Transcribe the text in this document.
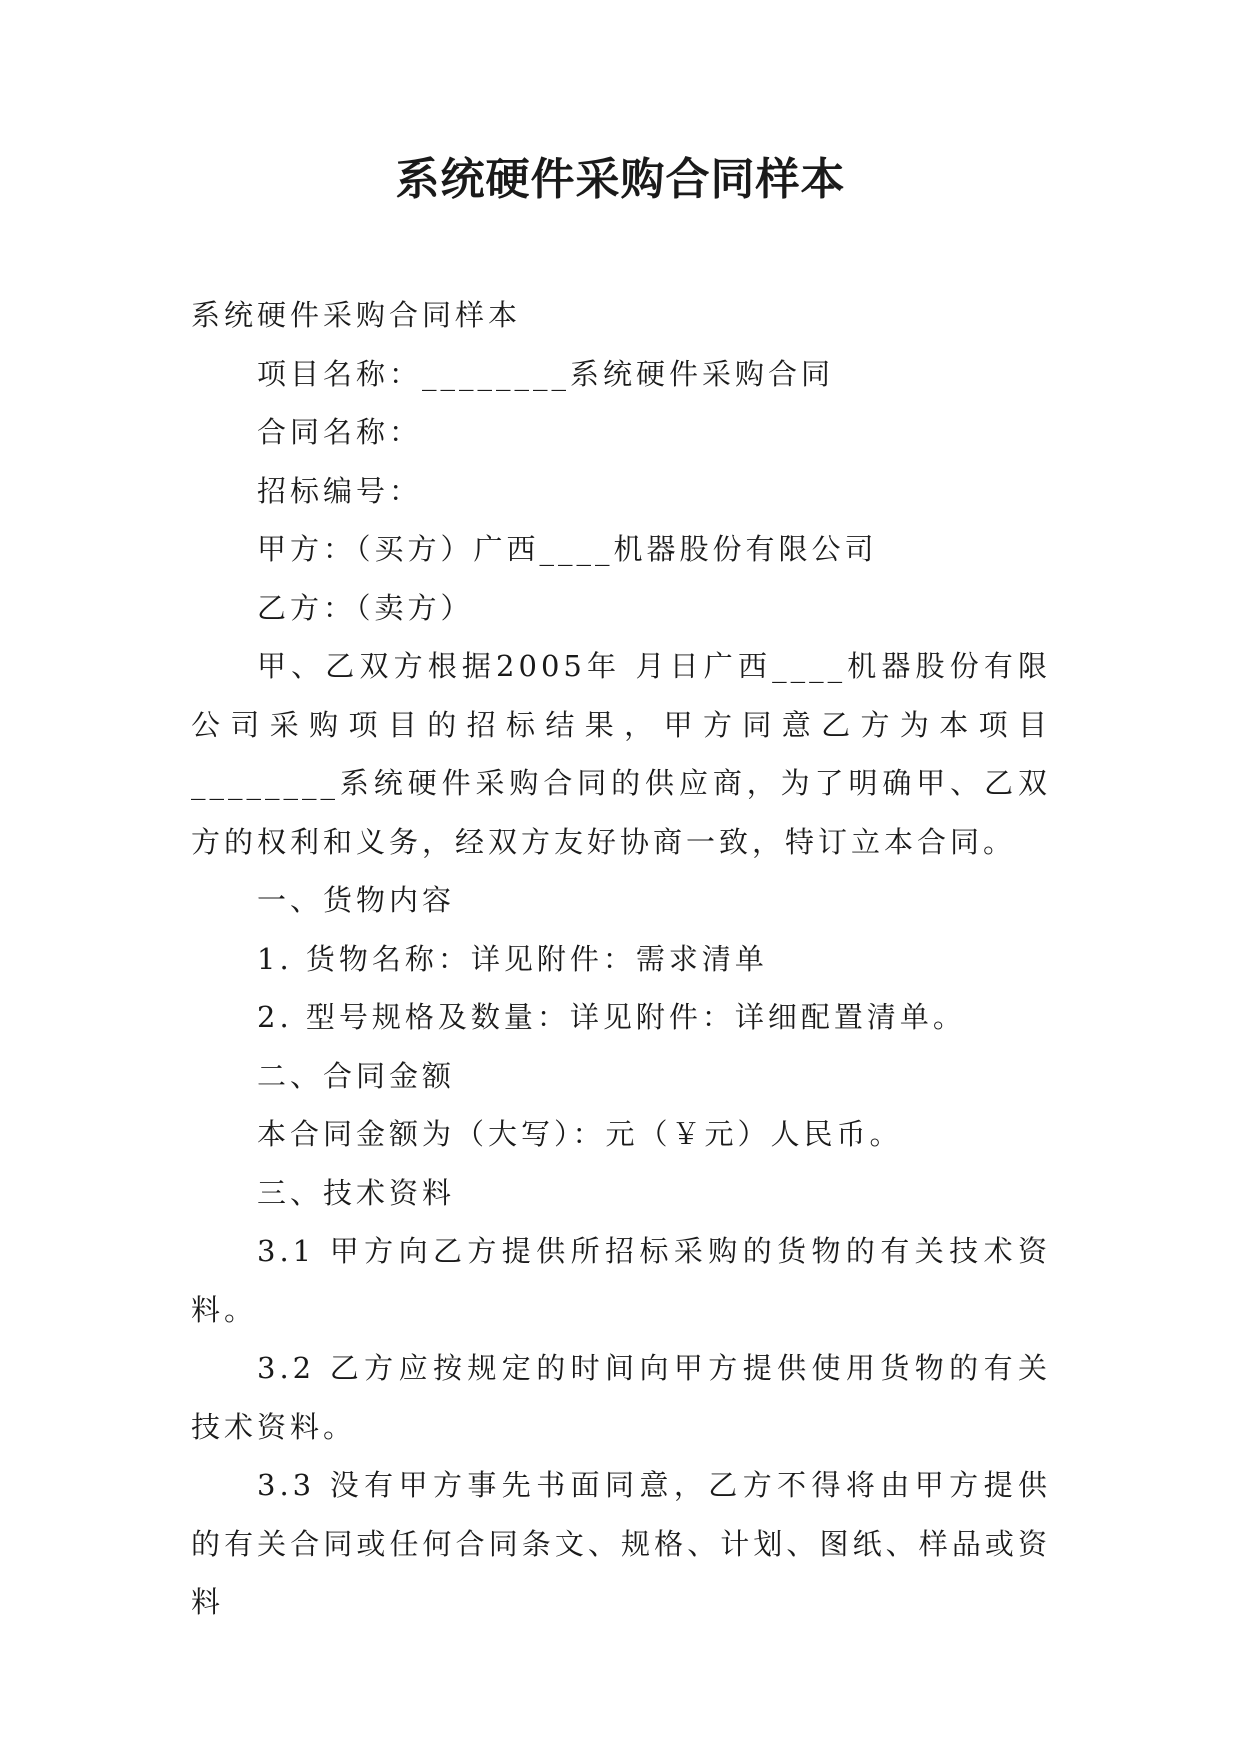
系统硬件采购合同样本

系统硬件采购合同样本

项目名称：________系统硬件采购合同

合同名称：

招标编号：

甲方：（买方）广西____机器股份有限公司

乙方：（卖方）

甲、乙双方根据2005年 月日广西____机器股份有限公司采购项目的招标结果，甲方同意乙方为本项目________系统硬件采购合同的供应商，为了明确甲、乙双方的权利和义务，经双方友好协商一致，特订立本合同。

一、货物内容

1. 货物名称：详见附件：需求清单

2. 型号规格及数量：详见附件：详细配置清单。

二、合同金额

本合同金额为（大写）：元（￥元）人民币。

三、技术资料

3.1 甲方向乙方提供所招标采购的货物的有关技术资料。

3.2 乙方应按规定的时间向甲方提供使用货物的有关技术资料。

3.3 没有甲方事先书面同意，乙方不得将由甲方提供的有关合同或任何合同条文、规格、计划、图纸、样品或资料
